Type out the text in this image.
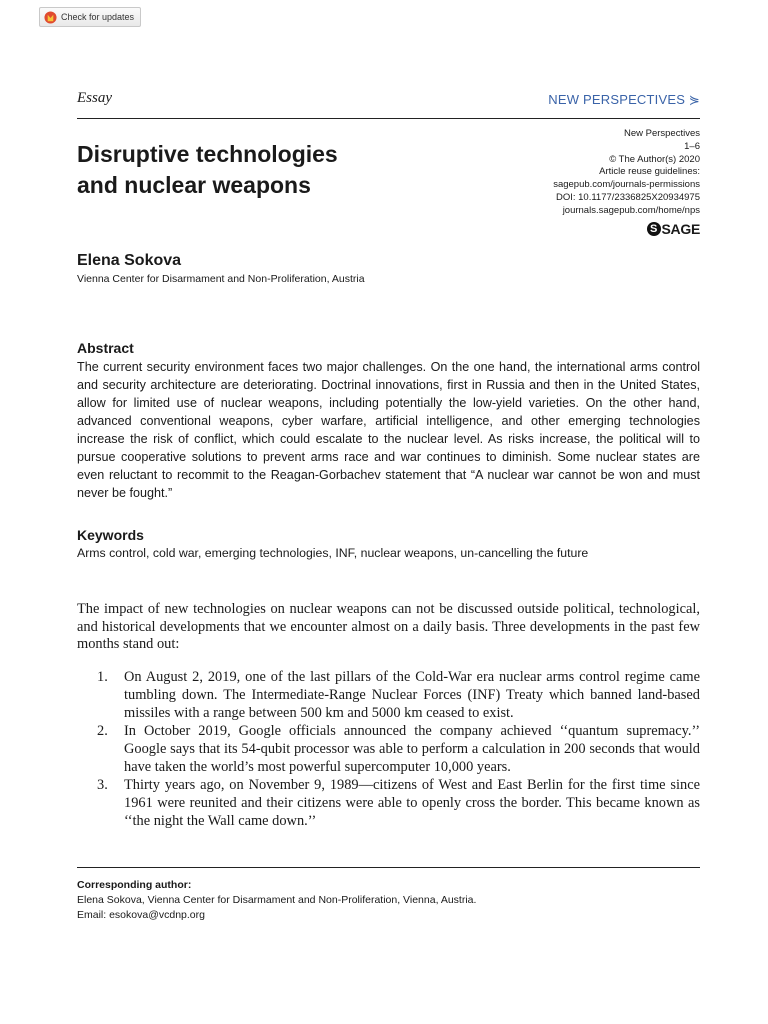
Check for updates
Essay	NEW PERSPECTIVES ⋟
Disruptive technologies
and nuclear weapons
New Perspectives
1–6
© The Author(s) 2020
Article reuse guidelines:
sagepub.com/journals-permissions
DOI: 10.1177/2336825X20934975
journals.sagepub.com/home/nps
S SAGE
Elena Sokova
Vienna Center for Disarmament and Non-Proliferation, Austria
Abstract

The current security environment faces two major challenges. On the one hand, the international arms control and security architecture are deteriorating. Doctrinal innovations, first in Russia and then in the United States, allow for limited use of nuclear weapons, including potentially the low-yield varieties. On the other hand, advanced conventional weapons, cyber warfare, artificial intelligence, and other emerging technologies increase the risk of conflict, which could escalate to the nuclear level. As risks increase, the political will to pursue cooperative solutions to prevent arms race and war continues to diminish. Some nuclear states are even reluctant to recommit to the Reagan-Gorbachev statement that “A nuclear war cannot be won and must never be fought.”

Keywords
Arms control, cold war, emerging technologies, INF, nuclear weapons, un-cancelling the future

The impact of new technologies on nuclear weapons can not be discussed outside political, technological, and historical developments that we encounter almost on a daily basis. Three developments in the past few months stand out:

1.	On August 2, 2019, one of the last pillars of the Cold-War era nuclear arms control regime came tumbling down. The Intermediate-Range Nuclear Forces (INF) Treaty which banned land-based missiles with a range between 500 km and 5000 km ceased to exist.
2.	In October 2019, Google officials announced the company achieved ‘‘quantum supremacy.’’ Google says that its 54-qubit processor was able to perform a calculation in 200 seconds that would have taken the world’s most powerful supercomputer 10,000 years.
3.	Thirty years ago, on November 9, 1989—citizens of West and East Berlin for the first time since 1961 were reunited and their citizens were able to openly cross the border. This became known as ‘‘the night the Wall came down.’’
Corresponding author:
Elena Sokova, Vienna Center for Disarmament and Non-Proliferation, Vienna, Austria.
Email: esokova@vcdnp.org
